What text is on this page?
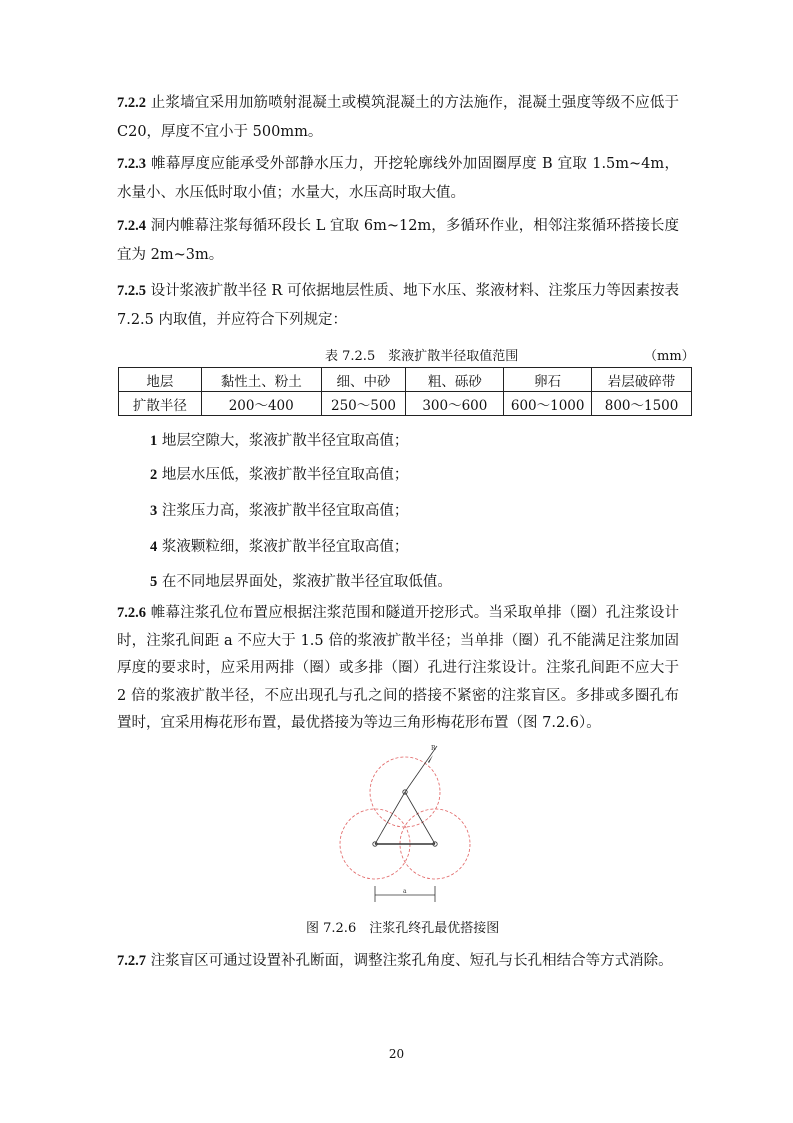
7.2.2 止浆墙宜采用加筋喷射混凝土或模筑混凝土的方法施作，混凝土强度等级不应低于 C20，厚度不宜小于 500mm。
7.2.3 帷幕厚度应能承受外部静水压力，开挖轮廓线外加固圈厚度 B 宜取 1.5m~4m，水量小、水压低时取小值；水量大，水压高时取大值。
7.2.4 洞内帷幕注浆每循环段长 L 宜取 6m~12m，多循环作业，相邻注浆循环搭接长度宜为 2m~3m。
7.2.5 设计浆液扩散半径 R 可依据地层性质、地下水压、浆液材料、注浆压力等因素按表 7.2.5 内取值，并应符合下列规定：
表 7.2.5　浆液扩散半径取值范围	（mm）
地层	黏性土、粉土	细、中砂	粗、砾砂	卵石	岩层破碎带
扩散半径	200～400	250～500	300～600	600～1000	800～1500
1 地层空隙大，浆液扩散半径宜取高值；
2 地层水压低，浆液扩散半径宜取高值；
3 注浆压力高，浆液扩散半径宜取高值；
4 浆液颗粒细，浆液扩散半径宜取高值；
5 在不同地层界面处，浆液扩散半径宜取低值。
7.2.6 帷幕注浆孔位布置应根据注浆范围和隧道开挖形式。当采取单排（圈）孔注浆设计时，注浆孔间距 a 不应大于 1.5 倍的浆液扩散半径；当单排（圈）孔不能满足注浆加固厚度的要求时，应采用两排（圈）或多排（圈）孔进行注浆设计。注浆孔间距不应大于 2 倍的浆液扩散半径，不应出现孔与孔之间的搭接不紧密的注浆盲区。多排或多圈孔布置时，宜采用梅花形布置，最优搭接为等边三角形梅花形布置（图 7.2.6）。
R
a
图 7.2.6　注浆孔终孔最优搭接图
7.2.7 注浆盲区可通过设置补孔断面，调整注浆孔角度、短孔与长孔相结合等方式消除。
20
